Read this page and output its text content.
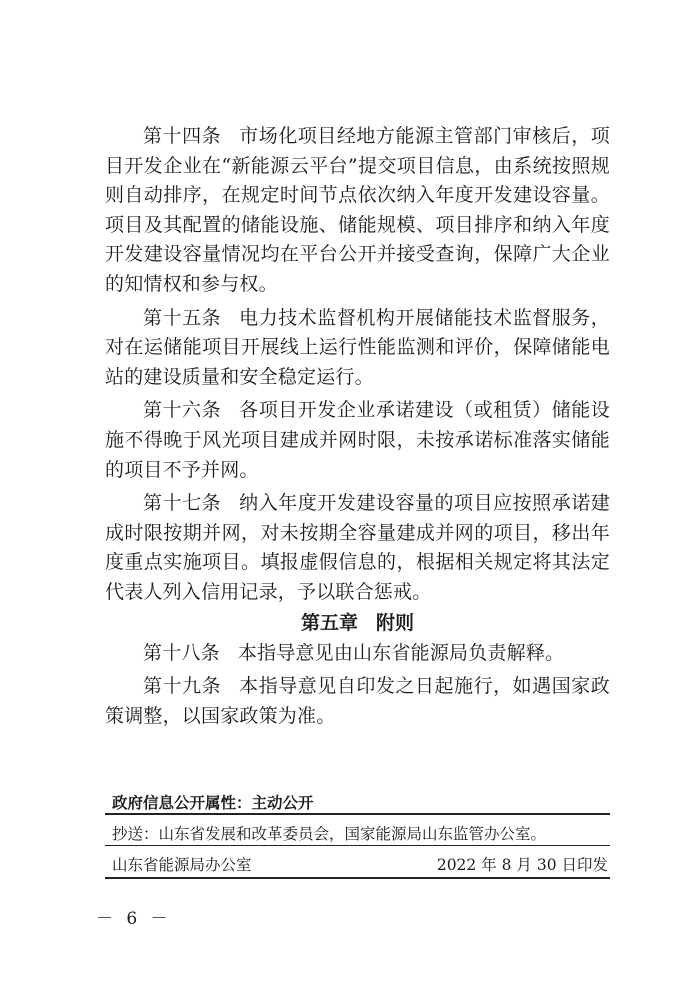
第十四条 市场化项目经地方能源主管部门审核后，项目开发企业在“新能源云平台”提交项目信息，由系统按照规则自动排序，在规定时间节点依次纳入年度开发建设容量。项目及其配置的储能设施、储能规模、项目排序和纳入年度开发建设容量情况均在平台公开并接受查询，保障广大企业的知情权和参与权。

第十五条 电力技术监督机构开展储能技术监督服务，对在运储能项目开展线上运行性能监测和评价，保障储能电站的建设质量和安全稳定运行。

第十六条 各项目开发企业承诺建设（或租赁）储能设施不得晚于风光项目建成并网时限，未按承诺标准落实储能的项目不予并网。

第十七条 纳入年度开发建设容量的项目应按照承诺建成时限按期并网，对未按期全容量建成并网的项目，移出年度重点实施项目。填报虚假信息的，根据相关规定将其法定代表人列入信用记录，予以联合惩戒。

第五章 附则

第十八条 本指导意见由山东省能源局负责解释。

第十九条 本指导意见自印发之日起施行，如遇国家政策调整，以国家政策为准。

政府信息公开属性：主动公开
抄送：山东省发展和改革委员会，国家能源局山东监管办公室。
山东省能源局办公室	2022 年 8 月 30 日印发
－ 6 －
